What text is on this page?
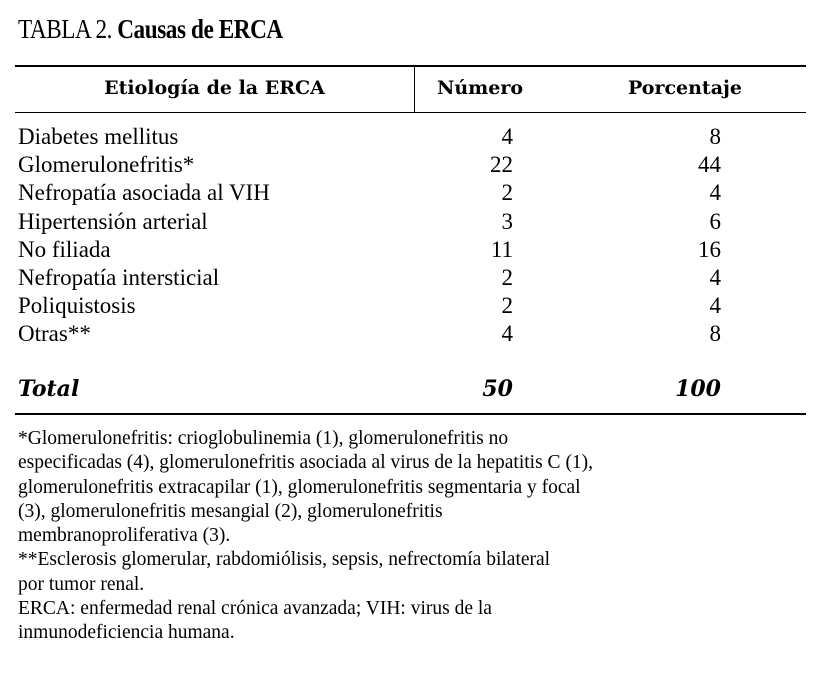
TABLA 2. Causas de ERCA
Etiología de la ERCA	Número	Porcentaje
Diabetes mellitus	4	8
Glomerulonefritis*	22	44
Nefropatía asociada al VIH	2	4
Hipertensión arterial	3	6
No filiada	11	16
Nefropatía intersticial	2	4
Poliquistosis	2	4
Otras**	4	8
Total	50	100

*Glomerulonefritis: crioglobulinemia (1), glomerulonefritis no
especificadas (4), glomerulonefritis asociada al virus de la hepatitis C (1),
glomerulonefritis extracapilar (1), glomerulonefritis segmentaria y focal
(3), glomerulonefritis mesangial (2), glomerulonefritis
membranoproliferativa (3).

**Esclerosis glomerular, rabdomiólisis, sepsis, nefrectomía bilateral
por tumor renal.

ERCA: enfermedad renal crónica avanzada; VIH: virus de la
inmunodeficiencia humana.
